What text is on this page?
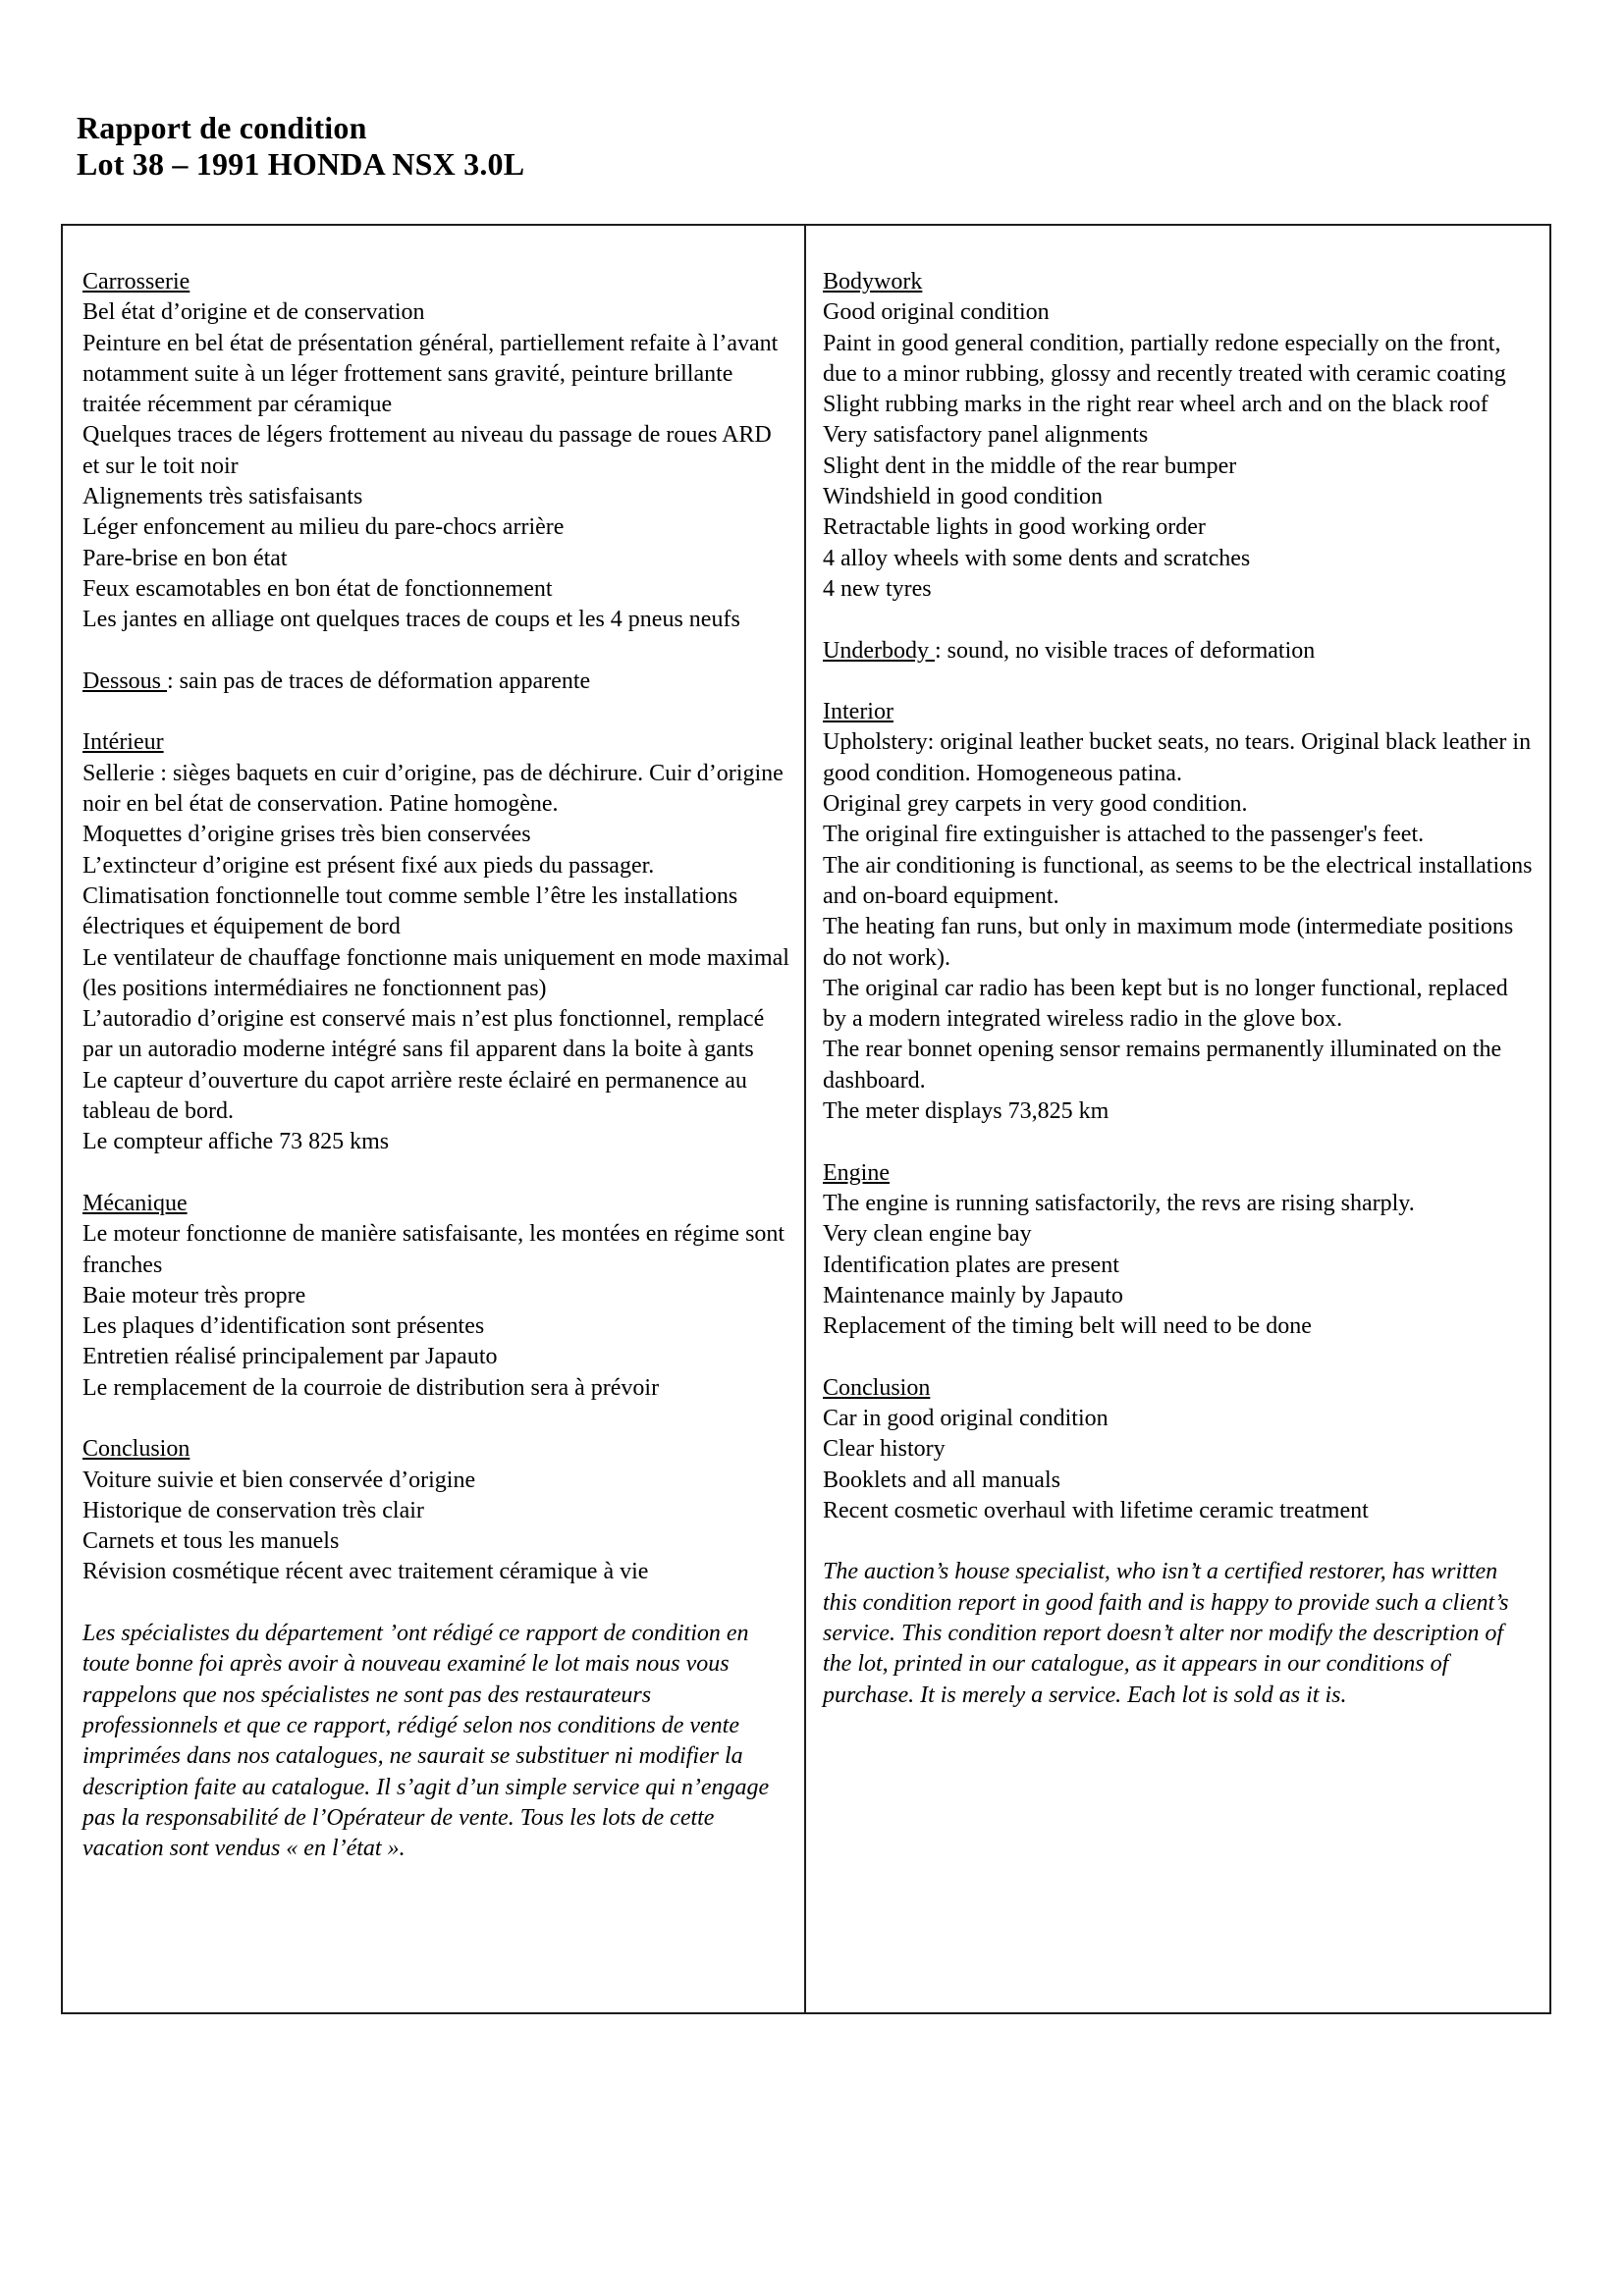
Rapport de condition
Lot 38 – 1991 HONDA NSX 3.0L
Carrosserie
Bel état d’origine et de conservation
Peinture en bel état de présentation général, partiellement refaite à l’avant notamment suite à un léger frottement sans gravité, peinture brillante traitée récemment par céramique
Quelques traces de légers frottement au niveau du passage de roues ARD et sur le toit noir
Alignements très satisfaisants
Léger enfoncement au milieu du pare-chocs arrière
Pare-brise en bon état
Feux escamotables en bon état de fonctionnement
Les jantes en alliage ont quelques traces de coups et les 4 pneus neufs
Dessous : sain pas de traces de déformation apparente
Intérieur
Sellerie : sièges baquets en cuir d’origine, pas de déchirure. Cuir d’origine noir en bel état de conservation. Patine homogène.
Moquettes d’origine grises très bien conservées
L’extincteur d’origine est présent fixé aux pieds du passager.
Climatisation fonctionnelle tout comme semble l’être les installations électriques et équipement de bord
Le ventilateur de chauffage fonctionne mais uniquement en mode maximal (les positions intermédiaires ne fonctionnent pas)
L’autoradio d’origine est conservé mais n’est plus fonctionnel, remplacé par un autoradio moderne intégré sans fil apparent dans la boite à gants
Le capteur d’ouverture du capot arrière reste éclairé en permanence au tableau de bord.
Le compteur affiche 73 825 kms
Mécanique
Le moteur fonctionne de manière satisfaisante, les montées en régime sont franches
Baie moteur très propre
Les plaques d’identification sont présentes
Entretien réalisé principalement par Japauto
Le remplacement de la courroie de distribution sera à prévoir
Conclusion
Voiture suivie et bien conservée d’origine
Historique de conservation très clair
Carnets et tous les manuels
Révision cosmétique récent avec traitement céramique à vie
Les spécialistes du département ’ont rédigé ce rapport de condition en toute bonne foi après avoir à nouveau examiné le lot mais nous vous rappelons que nos spécialistes ne sont pas des restaurateurs professionnels et que ce rapport, rédigé selon nos conditions de vente imprimées dans nos catalogues, ne saurait se substituer ni modifier la description faite au catalogue. Il s’agit d’un simple service qui n’engage pas la responsabilité de l’Opérateur de vente. Tous les lots de cette vacation sont vendus « en l’état ».
Bodywork
Good original condition
Paint in good general condition, partially redone especially on the front, due to a minor rubbing, glossy and recently treated with ceramic coating
Slight rubbing marks in the right rear wheel arch and on the black roof
Very satisfactory panel alignments
Slight dent in the middle of the rear bumper
Windshield in good condition
Retractable lights in good working order
4 alloy wheels with some dents and scratches
4 new tyres
Underbody : sound, no visible traces of deformation
Interior
Upholstery: original leather bucket seats, no tears. Original black leather in good condition. Homogeneous patina.
Original grey carpets in very good condition.
The original fire extinguisher is attached to the passenger's feet.
The air conditioning is functional, as seems to be the electrical installations and on-board equipment.
The heating fan runs, but only in maximum mode (intermediate positions do not work).
The original car radio has been kept but is no longer functional, replaced by a modern integrated wireless radio in the glove box.
The rear bonnet opening sensor remains permanently illuminated on the dashboard.
The meter displays 73,825 km
Engine
The engine is running satisfactorily, the revs are rising sharply.
Very clean engine bay
Identification plates are present
Maintenance mainly by Japauto
Replacement of the timing belt will need to be done
Conclusion
Car in good original condition
Clear history
Booklets and all manuals
Recent cosmetic overhaul with lifetime ceramic treatment
The auction’s house specialist, who isn’t a certified restorer, has written this condition report in good faith and is happy to provide such a client’s service. This condition report doesn’t alter nor modify the description of the lot, printed in our catalogue, as it appears in our conditions of purchase. It is merely a service. Each lot is sold as it is.
